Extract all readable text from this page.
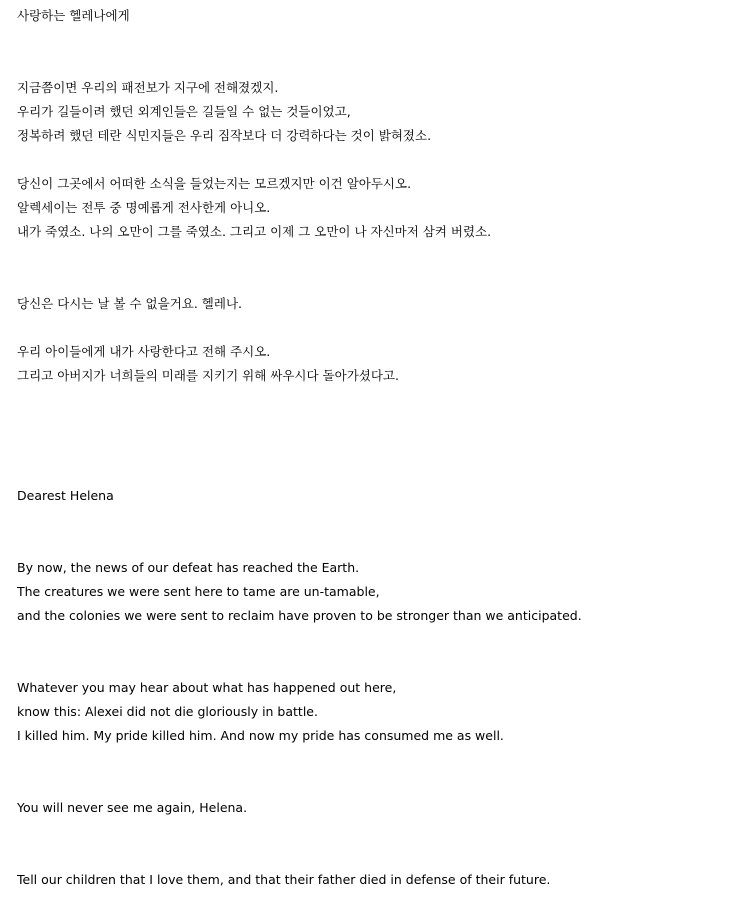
사랑하는 헬레나에게
지금쯤이면 우리의 패전보가 지구에 전해졌겠지.
우리가 길들이려 했던 외계인들은 길들일 수 없는 것들이었고,
정복하려 했던 테란 식민지들은 우리 짐작보다 더 강력하다는 것이 밝혀졌소.
당신이 그곳에서 어떠한 소식을 들었는지는 모르겠지만 이건 알아두시오.
알렉세이는 전투 중 명예롭게 전사한게 아니오.
내가 죽였소. 나의 오만이 그를 죽였소. 그리고 이제 그 오만이 나 자신마저 삼켜 버렸소.
당신은 다시는 날 볼 수 없을거요. 헬레나.
우리 아이들에게 내가 사랑한다고 전해 주시오.
그리고 아버지가 너희들의 미래를 지키기 위해 싸우시다 돌아가셨다고.
Dearest Helena
By now, the news of our defeat has reached the Earth.
The creatures we were sent here to tame are un-tamable,
and the colonies we were sent to reclaim have proven to be stronger than we anticipated.
Whatever you may hear about what has happened out here,
know this: Alexei did not die gloriously in battle.
I killed him. My pride killed him. And now my pride has consumed me as well.
You will never see me again, Helena.
Tell our children that I love them, and that their father died in defense of their future.
